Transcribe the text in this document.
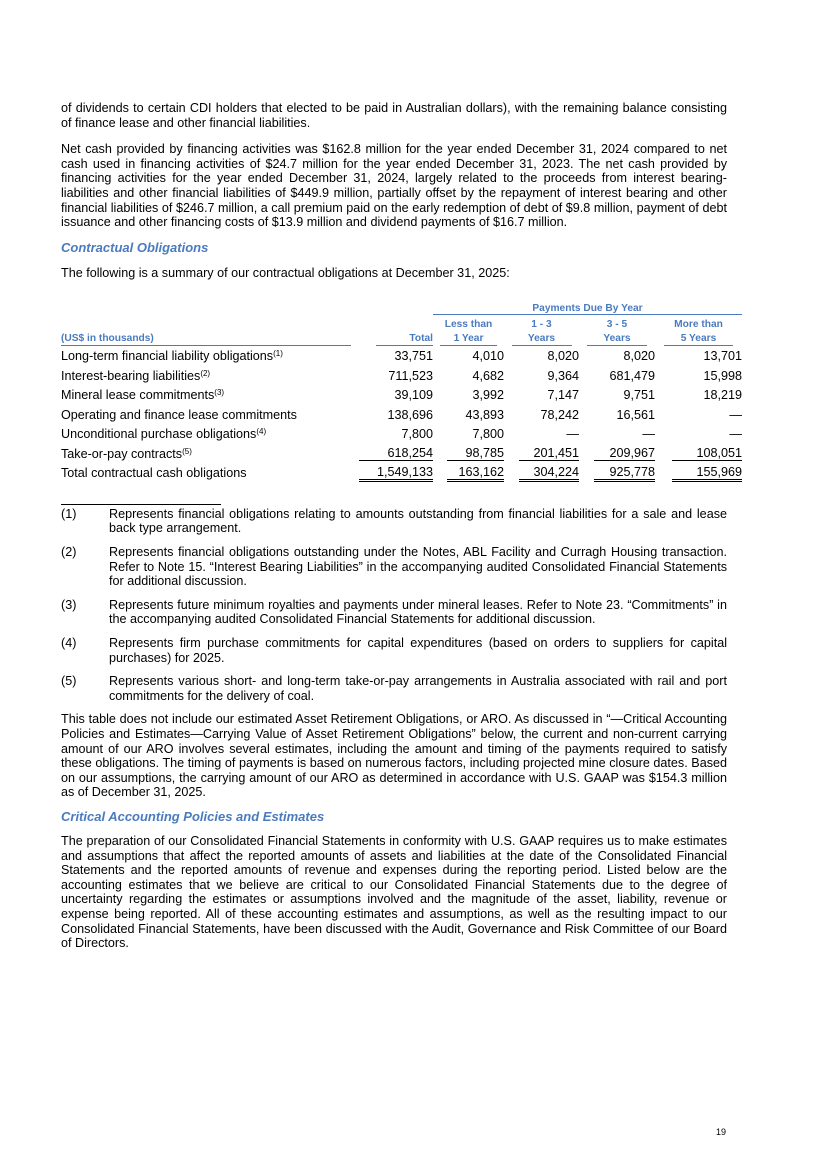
of dividends to certain CDI holders that elected to be paid in Australian dollars), with the remaining balance consisting of finance lease and other financial liabilities.

Net cash provided by financing activities was $162.8 million for the year ended December 31, 2024 compared to net cash used in financing activities of $24.7 million for the year ended December 31, 2023. The net cash provided by financing activities for the year ended December 31, 2024, largely related to the proceeds from interest bearing-liabilities and other financial liabilities of $449.9 million, partially offset by the repayment of interest bearing and other financial liabilities of $246.7 million, a call premium paid on the early redemption of debt of $9.8 million, payment of debt issuance and other financing costs of $13.9 million and dividend payments of $16.7 million.

Contractual Obligations

The following is a summary of our contractual obligations at December 31, 2025:

		Payments Due By Year			
		Less than	1 - 3	3 - 5	More than
(US$ in thousands)	Total	1 Year	Years	Years	5 Years
Long-term financial liability obligations$^{(1)}$	33,751	4,010	8,020	8,020	13,701
Interest-bearing liabilities$^{(2)}$	711,523	4,682	9,364	681,479	15,998
Mineral lease commitments$^{(3)}$	39,109	3,992	7,147	9,751	18,219
Operating and finance lease commitments	138,696	43,893	78,242	16,561	—
Unconditional purchase obligations$^{(4)}$	7,800	7,800	—	—	—
Take-or-pay contracts$^{(5)}$	618,254	98,785	201,451	209,967	108,051
Total contractual cash obligations	1,549,133	163,162	304,224	925,778	155,969
(1)	Represents financial obligations relating to amounts outstanding from financial liabilities for a sale and lease back type arrangement.
(2)	Represents financial obligations outstanding under the Notes, ABL Facility and Curragh Housing transaction. Refer to Note 15. “Interest Bearing Liabilities” in the accompanying audited Consolidated Financial Statements for additional discussion.
(3)	Represents future minimum royalties and payments under mineral leases. Refer to Note 23. “Commitments” in the accompanying audited Consolidated Financial Statements for additional discussion.
(4)	Represents firm purchase commitments for capital expenditures (based on orders to suppliers for capital purchases) for 2025.
(5)	Represents various short- and long-term take-or-pay arrangements in Australia associated with rail and port commitments for the delivery of coal.

This table does not include our estimated Asset Retirement Obligations, or ARO. As discussed in “—Critical Accounting Policies and Estimates—Carrying Value of Asset Retirement Obligations” below, the current and non-current carrying amount of our ARO involves several estimates, including the amount and timing of the payments required to satisfy these obligations. The timing of payments is based on numerous factors, including projected mine closure dates. Based on our assumptions, the carrying amount of our ARO as determined in accordance with U.S. GAAP was $154.3 million as of December 31, 2025.

Critical Accounting Policies and Estimates

The preparation of our Consolidated Financial Statements in conformity with U.S. GAAP requires us to make estimates and assumptions that affect the reported amounts of assets and liabilities at the date of the Consolidated Financial Statements and the reported amounts of revenue and expenses during the reporting period. Listed below are the accounting estimates that we believe are critical to our Consolidated Financial Statements due to the degree of uncertainty regarding the estimates or assumptions involved and the magnitude of the asset, liability, revenue or expense being reported. All of these accounting estimates and assumptions, as well as the resulting impact to our Consolidated Financial Statements, have been discussed with the Audit, Governance and Risk Committee of our Board of Directors.

19
